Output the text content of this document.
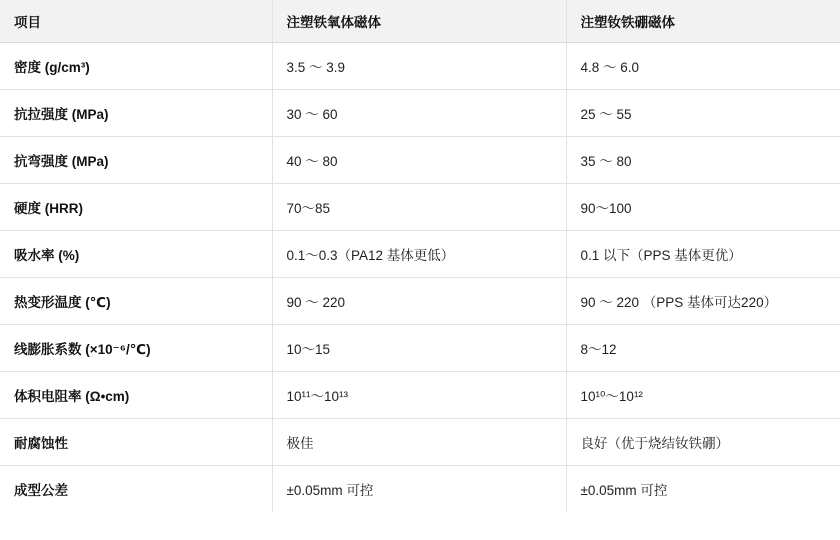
项目	注塑铁氧体磁体	注塑钕铁硼磁体
密度 (g/cm³)	3.5 ～ 3.9	4.8 ～ 6.0
抗拉强度 (MPa)	30 ～ 60	25 ～ 55
抗弯强度 (MPa)	40 ～ 80	35 ～ 80
硬度 (HRR)	70～85	90～100
吸水率 (%)	0.1～0.3（PA12 基体更低）	0.1 以下（PPS 基体更优）
热变形温度 (℃)	90 ～ 220	90 ～ 220 （PPS 基体可达220）
线膨胀系数 (×10⁻⁶/℃)	10～15	8～12
体积电阻率 (Ω•cm)	10¹¹～10¹³	10¹⁰～10¹²
耐腐蚀性	极佳	良好（优于烧结钕铁硼）
成型公差	±0.05mm 可控	±0.05mm 可控
